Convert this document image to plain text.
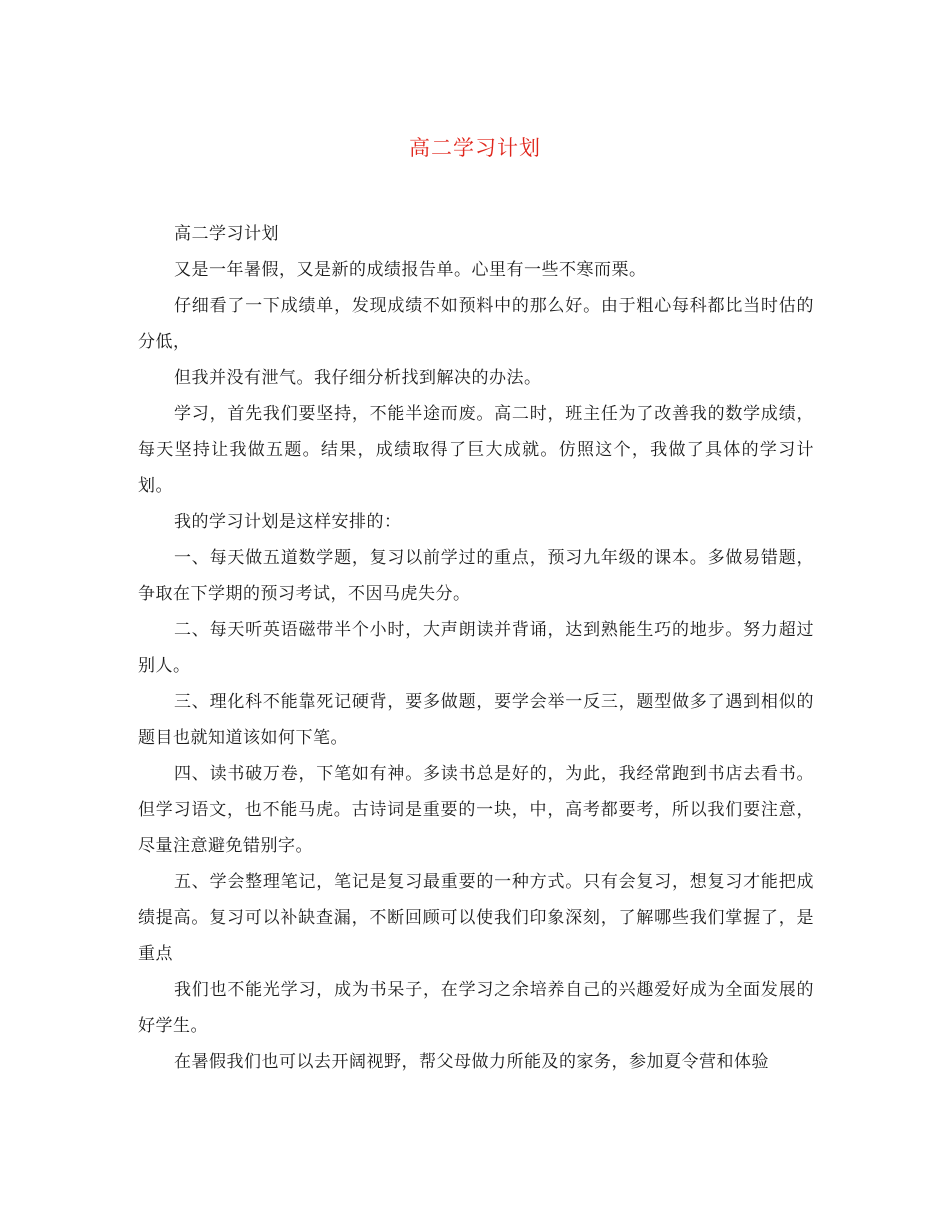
高二学习计划

高二学习计划

又是一年暑假，又是新的成绩报告单。心里有一些不寒而栗。

仔细看了一下成绩单，发现成绩不如预料中的那么好。由于粗心每科都比当时估的分低，

但我并没有泄气。我仔细分析找到解决的办法。

学习，首先我们要坚持，不能半途而废。高二时，班主任为了改善我的数学成绩，每天坚持让我做五题。结果，成绩取得了巨大成就。仿照这个，我做了具体的学习计划。

我的学习计划是这样安排的：

一、每天做五道数学题，复习以前学过的重点，预习九年级的课本。多做易错题，争取在下学期的预习考试，不因马虎失分。

二、每天听英语磁带半个小时，大声朗读并背诵，达到熟能生巧的地步。努力超过别人。

三、理化科不能靠死记硬背，要多做题，要学会举一反三，题型做多了遇到相似的题目也就知道该如何下笔。

四、读书破万卷，下笔如有神。多读书总是好的，为此，我经常跑到书店去看书。但学习语文，也不能马虎。古诗词是重要的一块，中，高考都要考，所以我们要注意，尽量注意避免错别字。

五、学会整理笔记，笔记是复习最重要的一种方式。只有会复习，想复习才能把成绩提高。复习可以补缺查漏，不断回顾可以使我们印象深刻，了解哪些我们掌握了，是重点

我们也不能光学习，成为书呆子，在学习之余培养自己的兴趣爱好成为全面发展的好学生。

在暑假我们也可以去开阔视野，帮父母做力所能及的家务，参加夏令营和体验
